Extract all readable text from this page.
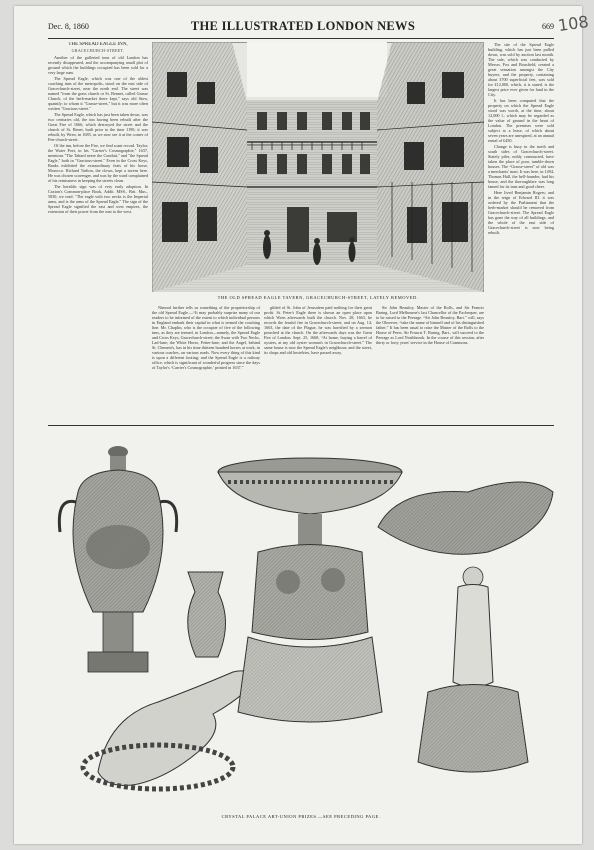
Dec. 8, 1860	THE ILLUSTRATED LONDON NEWS	669 108
THE SPREAD EAGLE INN,
GRACECHURCH-STREET.

Another of the galleried inns of old London has recently disappeared, and the accompanying small plot of ground which the buildings occupied has been sold for a very large sum.

The Spread Eagle, which was one of the oldest coaching inns of the metropolis, stood on the east side of Gracechurch-street, near the north end. The street was named "from the grass church or St. Bennet, called Grasse Church, of the herb-market there kept," says old Stow, quaintly; to whom it "Grasse-street," but it was more often written "Gracious-street."

The Spread Eagle, which has just been taken down, was two centuries old, the inn having been rebuilt after the Great Fire of 1666, which destroyed the street and the church of St. Benet, built prior to the time 1190; it was rebuilt, by Wren, in 1685, as we now see it at the corner of Fen-church-street.

Of the inn, before the Fire, we find scant record. Taylor, the Water Poet, in his "Carrier's Cosmographie," 1637, mentions "The Tabard neere the Conduit," and "the Spread Eagle," both in "Gracious-street." Even in the Cross Keys, Banks exhibited the extraordinary feats of his horse, Morocco. Richard Tarlton, the clown, kept a tavern here. He was chosen scavenger, and was by the ward complained of his remissness in keeping the streets clean.

The heraldic sign was of very early adoption. In Caxton's Common-place Book, Addit. MSS., Brit. Mus., 5830, we read: "The eagle with two necks is the Imperial arms, and is the arms of the Spread Eagle." The sign of the Spread Eagle signified the east and west empires, the extension of their power from the east to the west.

THE OLD SPREAD EAGLE TAVERN, GRACECHURCH-STREET, LATELY REMOVED.

The site of the Spread Eagle building, which has just been pulled down, was sold by auction last month. The sale, which was conducted by Messrs. Fox and Bousfield, created a great sensation amongst the City buyers; and the property, containing about 3700 superficial feet, was sold for £12,000, which, it is stated, is the largest price ever given for land in the City.

It has been computed that the property on which the Spread Eagle stood was worth, at the time, about 12,000 l., which may be regarded as the value of ground in the heart of London. The premises were sold subject to a lease, of which about seven years are unexpired, at an annual rental of £450.

Change is busy in the north and south sides of Gracechurch-street. Stately piles, nobly constructed, have taken the place of poor, tumble-down houses. The “Grasse-street” of old was a merchants' mart. It was here, in 1494, Thomas Hall, the bell-founder, had his house, and the thoroughfare was long famed for its inns and good cheer.

Here lived Benjamin Rogers; and in the reign of Edward III. it was ordered by the Parliament that the herb-market should be removed from Gracechurch-street. The Spread Eagle has gone the way of all buildings, and the whole of the east side of Gracechurch-street is now being rebuilt.

Nimrod further tells us something of the proprietorship of the old Spread Eagle.—“It may probably surprise many of our readers to be informed of the extent to which individual persons in England embark their capital in what is termed the coaching line. Mr. Chaplin, who is the occupier of five of the following inns, as they are termed, in London—namely, the Spread Eagle and Cross Keys, Gracechurch-street; the Swan with Two Necks, Lad-lane; the White Horse, Fetter-lane; and the Angel, behind St. Clement's, has in his time thirteen hundred horses at work, in various coaches, on various roads. Now every thing of this kind is upon a different footing; and the Spread Eagle is a railway office, which is significant of wonderful progress since the days of Taylor's ‘Carrier's Cosmographie,’ printed in 1637.”

gilded of St. John of Jerusalem paid nothing for their great profit. St. Peter's Eagle there is shown an open place upon which Wren afterwards built the church. Nov. 28, 1663, he records the fearful fire in Gracechurch-street; and on Aug. 14, 1663, the date of the Plague, he was horrified by a sermon preached at the church. On the afterwards days was the Great Fire of London. Sept. 25, 1668, “At home, buying a barrel of oysters, at my old oyster woman's in Gracechurch-street.” The same house is now the Spread Eagle's neighbour; and the street, its shops and old hostelries, have passed away.

Sir John Beaufoy, Master of the Rolls, and Sir Francis Baring, Lord Melbourne's last Chancellor of the Exchequer, are to be raised to the Peerage. “Sir John Beaufoy, Bart.” will, says the Observer, “take the name of himself and of his distinguished father.” It has been usual to raise the Master of the Rolls to the House of Peers. Sir Francis T. Baring, Bart., will succeed to the Peerage as Lord Northbrook. In the course of this session, after thirty or forty years' service in the House of Commons.

CRYSTAL PALACE ART-UNION PRIZES.—SEE PRECEDING PAGE.
